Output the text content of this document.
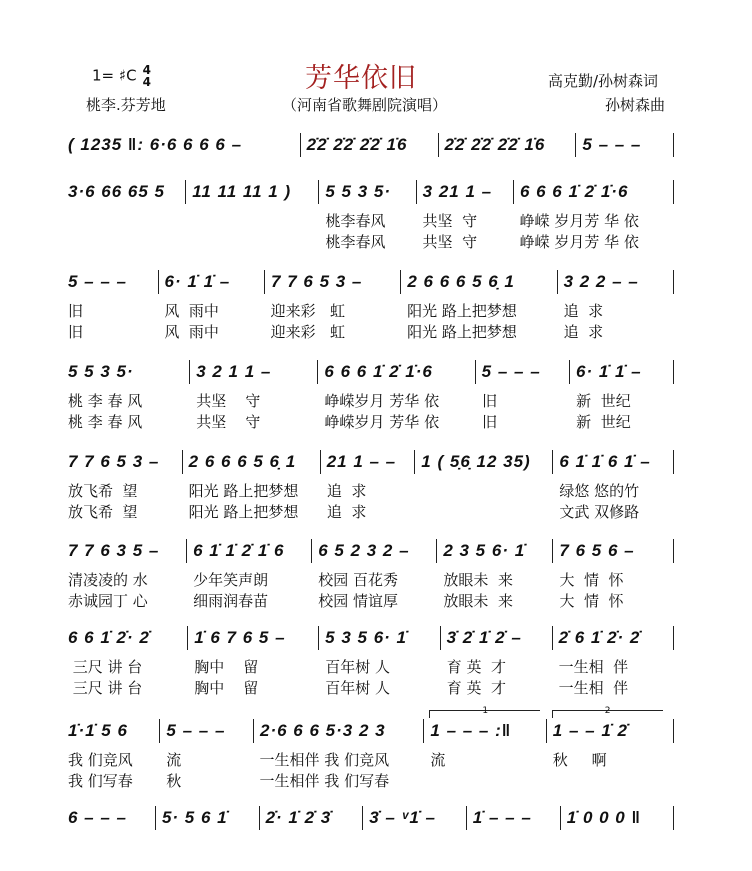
1= ♯C 4
4	芳华依旧
桃李.芬芳地	（河南省歌舞剧院演唱）
高克勤/孙树森词
孙树森曲
( 1235 ‖: 6·6 6 6 6 –	2̇2̇ 2̇2̇ 2̇2̇ 1̇6	2̇2̇ 2̇2̇ 2̇2̇ 1̇6	5 – – –
3·6 66 65 5	11 11 11 1 )	5 5 3 5·	3 21 1 –	6 6 6 1̇ 2̇ 1̇·6
桃李春风	共坚  守	峥嵘 岁月芳 华 依
桃李春风	共坚  守	峥嵘 岁月芳 华 依
5 – – –	6· 1̇ 1̇ –	7 7 6 5 3 –	2 6 6 6 5 6̣ 1	3 2 2 – –
旧	风  雨中	迎来彩   虹	阳光 路上把梦想	追  求
旧	风  雨中	迎来彩   虹	阳光 路上把梦想	追  求
5 5 3 5·	3 2 1 1 –	6 6 6 1̇ 2̇ 1̇·6	5 – – –	6· 1̇ 1̇ –
桃 李 春 风	共坚    守	峥嵘岁月 芳华 依	旧	新  世纪
桃 李 春 风	共坚    守	峥嵘岁月 芳华 依	旧	新  世纪
7 7 6 5 3 –	2 6 6 6 5 6̣ 1	21 1 – –	1 ( 5̣6̣ 12 35)	6 1̇ 1̇ 6 1̇ –
放飞希  望	阳光 路上把梦想	追  求	绿悠 悠的竹
放飞希  望	阳光 路上把梦想	追  求	文武 双修路
7 7 6 3 5 –	6 1̇ 1̇ 2̇ 1̇ 6	6 5 2 3 2 –	2 3 5 6· 1̇	7 6 5 6 –
清凌凌的 水	少年笑声朗	校园 百花秀	放眼未  来	大  情  怀
赤诚园丁 心	细雨润春苗	校园 情谊厚	放眼未  来	大  情  怀
6 6 1̇ 2̇· 2̇	1̇ 6 7 6 5 –	5 3 5 6· 1̇	3̇ 2̇ 1̇ 2̇ –	2̇ 6 1̇ 2̇· 2̇
三尺 讲 台	胸中    留	百年树 人	育 英  才	一生相  伴
三尺 讲 台	胸中    留	百年树 人	育 英  才	一生相  伴
1̇·1̇ 5 6	5 – – –	2·6 6 6 5·3 2 3	1 – – – :‖	1 – – 1̇ 2̇
1	2
我 们竞风	流	一生相伴 我 们竞风	流	秋     啊
我 们写春	秋	一生相伴 我 们写春
6 – – –	5· 5 6 1̇	2̇· 1̇ 2̇ 3̇	3̇ – ᵛ1̇ –	1̇ – – –	1̇ 0 0 0 ‖
